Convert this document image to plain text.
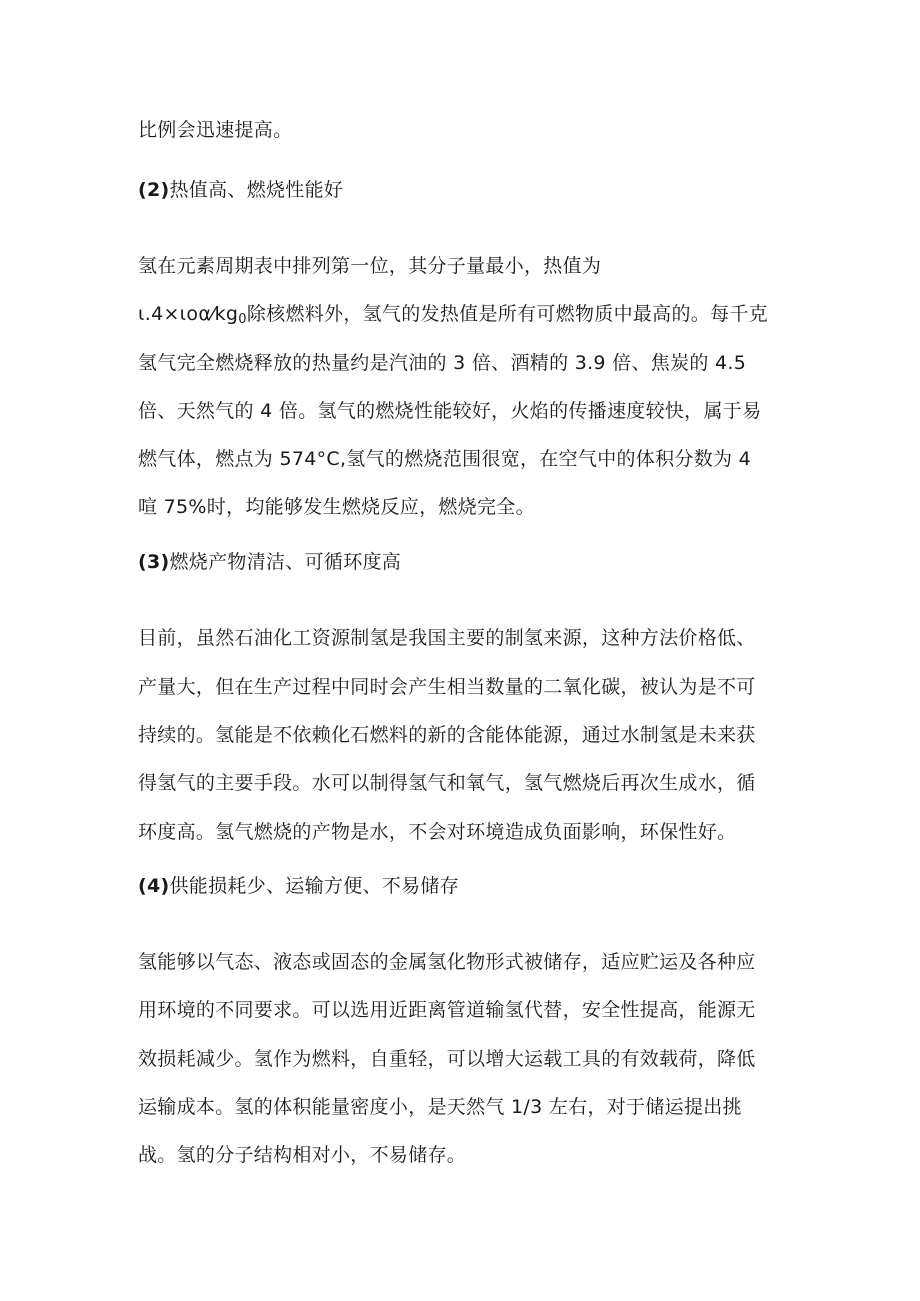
比例会迅速提高。
(2)热值高、燃烧性能好
氢在元素周期表中排列第一位，其分子量最小，热值为
ι.4×ιoα⁄kg0除核燃料外，氢气的发热值是所有可燃物质中最高的。每千克
氢气完全燃烧释放的热量约是汽油的 3 倍、酒精的 3.9 倍、焦炭的 4.5
倍、天然气的 4 倍。氢气的燃烧性能较好，火焰的传播速度较快，属于易
燃气体，燃点为 574°C,氢气的燃烧范围很宽，在空气中的体积分数为 4
喧 75%时，均能够发生燃烧反应，燃烧完全。
(3)燃烧产物清洁、可循环度高
目前，虽然石油化工资源制氢是我国主要的制氢来源，这种方法价格低、
产量大，但在生产过程中同时会产生相当数量的二氧化碳，被认为是不可
持续的。氢能是不依赖化石燃料的新的含能体能源，通过水制氢是未来获
得氢气的主要手段。水可以制得氢气和氧气，氢气燃烧后再次生成水，循
环度高。氢气燃烧的产物是水，不会对环境造成负面影响，环保性好。
(4)供能损耗少、运输方便、不易储存
氢能够以气态、液态或固态的金属氢化物形式被储存，适应贮运及各种应
用环境的不同要求。可以选用近距离管道输氢代替，安全性提高，能源无
效损耗减少。氢作为燃料，自重轻，可以增大运载工具的有效载荷，降低
运输成本。氢的体积能量密度小，是天然气 1/3 左右，对于储运提出挑
战。氢的分子结构相对小，不易储存。
